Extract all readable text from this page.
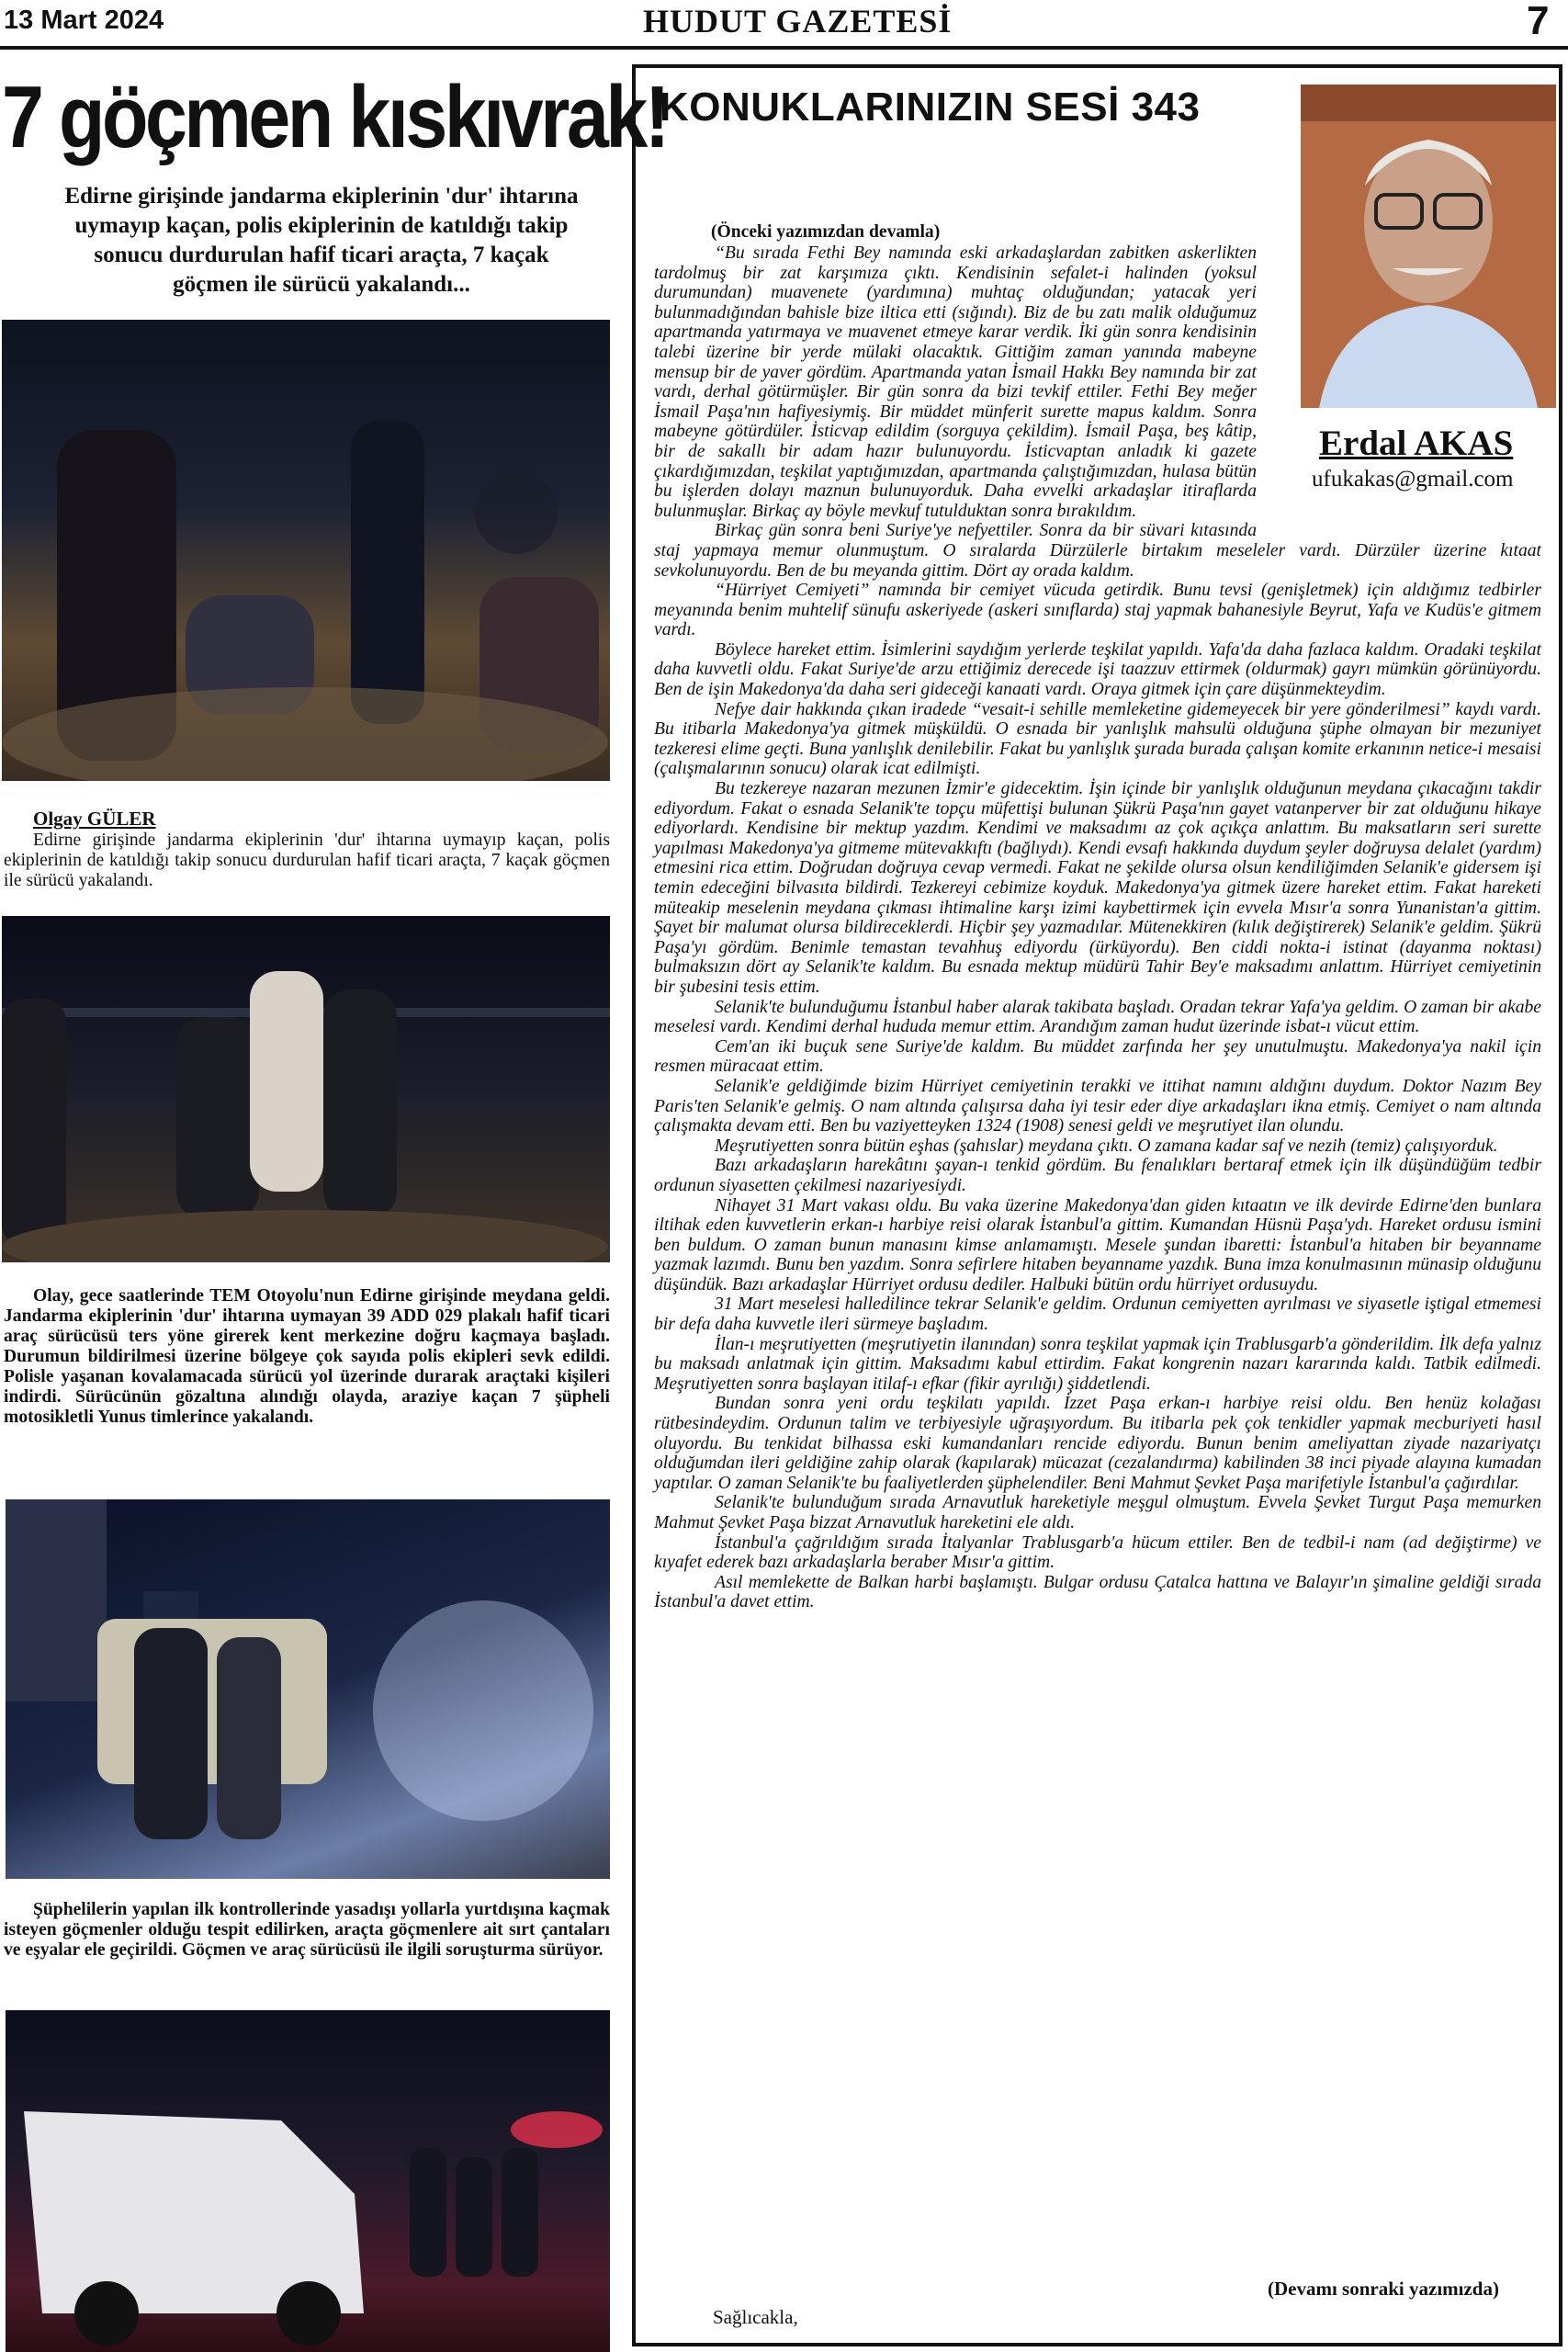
13 Mart 2024	HUDUT GAZETESİ	7
7 göçmen kıskıvrak!
Edirne girişinde jandarma ekiplerinin 'dur' ihtarına uymayıp kaçan, polis ekiplerinin de katıldığı takip sonucu durdurulan hafif ticari araçta, 7 kaçak göçmen ile sürücü yakalandı...
Olgay GÜLER
Edirne girişinde jandarma ekiplerinin 'dur' ihtarına uymayıp kaçan, polis ekiplerinin de katıldığı takip sonucu durdurulan hafif ticari araçta, 7 kaçak göçmen ile sürücü yakalandı.
Olay, gece saatlerinde TEM Otoyolu'nun Edirne girişinde meydana geldi. Jandarma ekiplerinin 'dur' ihtarına uymayan 39 ADD 029 plakalı hafif ticari araç sürücüsü ters yöne girerek kent merkezine doğru kaçmaya başladı. Durumun bildirilmesi üzerine bölgeye çok sayıda polis ekipleri sevk edildi. Polisle yaşanan kovalamacada sürücü yol üzerinde durarak araçtaki kişileri indirdi. Sürücünün gözaltına alındığı olayda, araziye kaçan 7 şüpheli motosikletli Yunus timlerince yakalandı.
Şüphelilerin yapılan ilk kontrollerinde yasadışı yollarla yurtdışına kaçmak isteyen göçmenler olduğu tespit edilirken, araçta göçmenlere ait sırt çantaları ve eşyalar ele geçirildi. Göçmen ve araç sürücüsü ile ilgili soruşturma sürüyor.
KONUKLARINIZIN SESİ 343
Erdal AKAS
ufukakas@gmail.com
(Önceki yazımızdan devamla)

“Bu sırada Fethi Bey namında eski arkadaşlardan zabitken askerlikten tardolmuş bir zat karşımıza çıktı. Kendisinin sefalet-i halinden (yoksul durumundan) muavenete (yardımına) muhtaç olduğundan; yatacak yeri bulunmadığından bahisle bize iltica etti (sığındı). Biz de bu zatı malik olduğumuz apartmanda yatırmaya ve muavenet etmeye karar verdik. İki gün sonra kendisinin talebi üzerine bir yerde mülaki olacaktık. Gittiğim zaman yanında mabeyne mensup bir de yaver gördüm. Apartmanda yatan İsmail Hakkı Bey namında bir zat vardı, derhal götürmüşler. Bir gün sonra da bizi tevkif ettiler. Fethi Bey meğer İsmail Paşa'nın hafiyesiymiş. Bir müddet münferit surette mapus kaldım. Sonra mabeyne götürdüler. İsticvap edildim (sorguya çekildim). İsmail Paşa, beş kâtip, bir de sakallı bir adam hazır bulunuyordu. İsticvaptan anladık ki gazete çıkardığımızdan, teşkilat yaptığımızdan, apartmanda çalıştığımızdan, hulasa bütün bu işlerden dolayı maznun bulunuyorduk. Daha evvelki arkadaşlar itiraflarda bulunmuşlar. Birkaç ay böyle mevkuf tutulduktan sonra bırakıldım.

Birkaç gün sonra beni Suriye'ye nefyettiler. Sonra da bir süvari kıtasında staj yapmaya memur olunmuştum. O sıralarda Dürzülerle birtakım meseleler vardı. Dürzüler üzerine kıtaat sevkolunuyordu. Ben de bu meyanda gittim. Dört ay orada kaldım.

“Hürriyet Cemiyeti” namında bir cemiyet vücuda getirdik. Bunu tevsi (genişletmek) için aldığımız tedbirler meyanında benim muhtelif sünufu askeriyede (askeri sınıflarda) staj yapmak bahanesiyle Beyrut, Yafa ve Kudüs'e gitmem vardı.

Böylece hareket ettim. İsimlerini saydığım yerlerde teşkilat yapıldı. Yafa'da daha fazlaca kaldım. Oradaki teşkilat daha kuvvetli oldu. Fakat Suriye'de arzu ettiğimiz derecede işi taazzuv ettirmek (oldurmak) gayrı mümkün görünüyordu. Ben de işin Makedonya'da daha seri gideceği kanaati vardı. Oraya gitmek için çare düşünmekteydim.

Nefye dair hakkında çıkan iradede “vesait-i sehille memleketine gidemeyecek bir yere gönderilmesi” kaydı vardı. Bu itibarla Makedonya'ya gitmek müşküldü. O esnada bir yanlışlık mahsulü olduğuna şüphe olmayan bir mezuniyet tezkeresi elime geçti. Buna yanlışlık denilebilir. Fakat bu yanlışlık şurada burada çalışan komite erkanının netice-i mesaisi (çalışmalarının sonucu) olarak icat edilmişti.

Bu tezkereye nazaran mezunen İzmir'e gidecektim. İşin içinde bir yanlışlık olduğunun meydana çıkacağını takdir ediyordum. Fakat o esnada Selanik'te topçu müfettişi bulunan Şükrü Paşa'nın gayet vatanperver bir zat olduğunu hikaye ediyorlardı. Kendisine bir mektup yazdım. Kendimi ve maksadımı az çok açıkça anlattım. Bu maksatların seri surette yapılması Makedonya'ya gitmeme mütevakkıftı (bağlıydı). Kendi evsafı hakkında duydum şeyler doğruysa delalet (yardım) etmesini rica ettim. Doğrudan doğruya cevap vermedi. Fakat ne şekilde olursa olsun kendiliğimden Selanik'e gidersem işi temin edeceğini bilvasıta bildirdi. Tezkereyi cebimize koyduk. Makedonya'ya gitmek üzere hareket ettim. Fakat hareketi müteakip meselenin meydana çıkması ihtimaline karşı izimi kaybettirmek için evvela Mısır'a sonra Yunanistan'a gittim. Şayet bir malumat olursa bildireceklerdi. Hiçbir şey yazmadılar. Mütenekkiren (kılık değiştirerek) Selanik'e geldim. Şükrü Paşa'yı gördüm. Benimle temastan tevahhuş ediyordu (ürküyordu). Ben ciddi nokta-i istinat (dayanma noktası) bulmaksızın dört ay Selanik'te kaldım. Bu esnada mektup müdürü Tahir Bey'e maksadımı anlattım. Hürriyet cemiyetinin bir şubesini tesis ettim.

Selanik'te bulunduğumu İstanbul haber alarak takibata başladı. Oradan tekrar Yafa'ya geldim. O zaman bir akabe meselesi vardı. Kendimi derhal hududa memur ettim. Arandığım zaman hudut üzerinde isbat-ı vücut ettim.

Cem'an iki buçuk sene Suriye'de kaldım. Bu müddet zarfında her şey unutulmuştu. Makedonya'ya nakil için resmen müracaat ettim.

Selanik'e geldiğimde bizim Hürriyet cemiyetinin terakki ve ittihat namını aldığını duydum. Doktor Nazım Bey Paris'ten Selanik'e gelmiş. O nam altında çalışırsa daha iyi tesir eder diye arkadaşları ikna etmiş. Cemiyet o nam altında çalışmakta devam etti. Ben bu vaziyetteyken 1324 (1908) senesi geldi ve meşrutiyet ilan olundu.

Meşrutiyetten sonra bütün eşhas (şahıslar) meydana çıktı. O zamana kadar saf ve nezih (temiz) çalışıyorduk.

Bazı arkadaşların harekâtını şayan-ı tenkid gördüm. Bu fenalıkları bertaraf etmek için ilk düşündüğüm tedbir ordunun siyasetten çekilmesi nazariyesiydi.

Nihayet 31 Mart vakası oldu. Bu vaka üzerine Makedonya'dan giden kıtaatın ve ilk devirde Edirne'den bunlara iltihak eden kuvvetlerin erkan-ı harbiye reisi olarak İstanbul'a gittim. Kumandan Hüsnü Paşa'ydı. Hareket ordusu ismini ben buldum. O zaman bunun manasını kimse anlamamıştı. Mesele şundan ibaretti: İstanbul'a hitaben bir beyanname yazmak lazımdı. Bunu ben yazdım. Sonra sefirlere hitaben beyanname yazdık. Buna imza konulmasının münasip olduğunu düşündük. Bazı arkadaşlar Hürriyet ordusu dediler. Halbuki bütün ordu hürriyet ordusuydu.

31 Mart meselesi halledilince tekrar Selanik'e geldim. Ordunun cemiyetten ayrılması ve siyasetle iştigal etmemesi bir defa daha kuvvetle ileri sürmeye başladım.

İlan-ı meşrutiyetten (meşrutiyetin ilanından) sonra teşkilat yapmak için Trablusgarb'a gönderildim. İlk defa yalnız bu maksadı anlatmak için gittim. Maksadımı kabul ettirdim. Fakat kongrenin nazarı kararında kaldı. Tatbik edilmedi. Meşrutiyetten sonra başlayan itilaf-ı efkar (fikir ayrılığı) şiddetlendi.

Bundan sonra yeni ordu teşkilatı yapıldı. İzzet Paşa erkan-ı harbiye reisi oldu. Ben henüz kolağası rütbesindeydim. Ordunun talim ve terbiyesiyle uğraşıyordum. Bu itibarla pek çok tenkidler yapmak mecburiyeti hasıl oluyordu. Bu tenkidat bilhassa eski kumandanları rencide ediyordu. Bunun benim ameliyattan ziyade nazariyatçı olduğumdan ileri geldiğine zahip olarak (kapılarak) mücazat (cezalandırma) kabilinden 38 inci piyade alayına kumadan yaptılar. O zaman Selanik'te bu faaliyetlerden şüphelendiler. Beni Mahmut Şevket Paşa marifetiyle İstanbul'a çağırdılar.

Selanik'te bulunduğum sırada Arnavutluk hareketiyle meşgul olmuştum. Evvela Şevket Turgut Paşa memurken Mahmut Şevket Paşa bizzat Arnavutluk hareketini ele aldı.

İstanbul'a çağrıldığım sırada İtalyanlar Trablusgarb'a hücum ettiler. Ben de tedbil-i nam (ad değiştirme) ve kıyafet ederek bazı arkadaşlarla beraber Mısır'a gittim.

Asıl memlekette de Balkan harbi başlamıştı. Bulgar ordusu Çatalca hattına ve Balayır'ın şimaline geldiği sırada İstanbul'a davet ettim.

(Devamı sonraki yazımızda)
Sağlıcakla,
